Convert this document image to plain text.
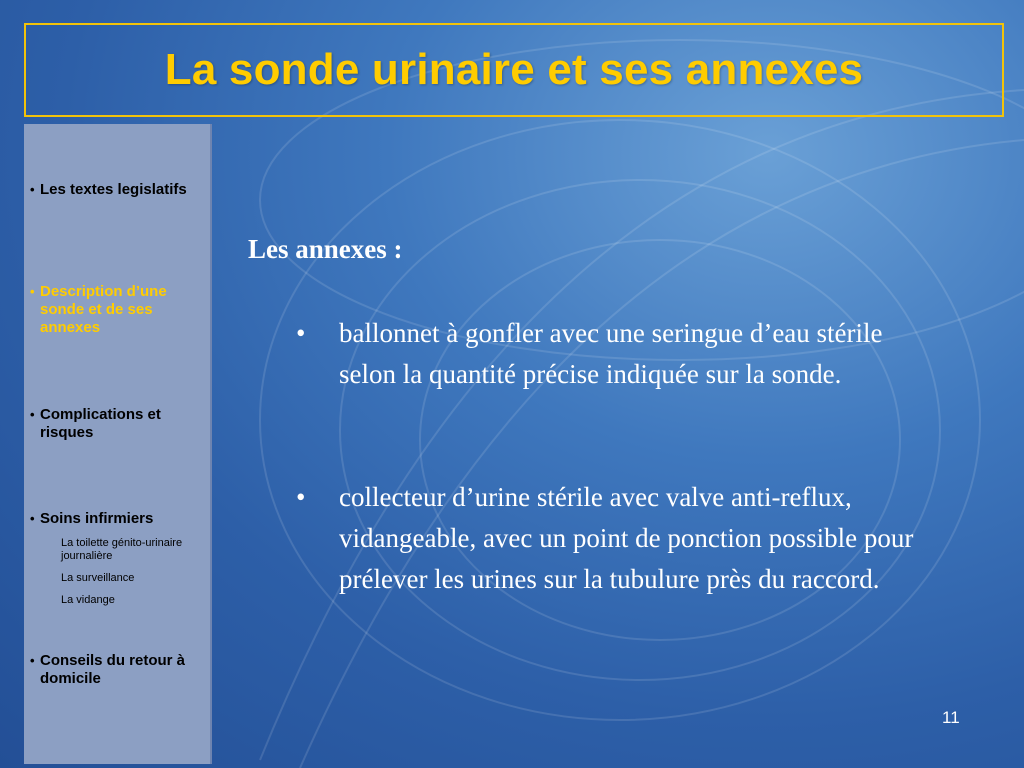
La sonde urinaire et ses annexes
• Les textes legislatifs
• Description d’une sonde et de ses annexes
• Complications et risques
• Soins infirmiers
La toilette génito-urinaire journalière
La surveillance
La vidange
• Conseils du retour à domicile
Les annexes :
•	ballonnet à gonfler avec une seringue d’eau stérile selon la quantité précise indiquée sur la sonde.
•	collecteur d’urine stérile avec valve anti-reflux, vidangeable, avec un point de ponction possible pour prélever les urines sur la tubulure près du raccord.
11
